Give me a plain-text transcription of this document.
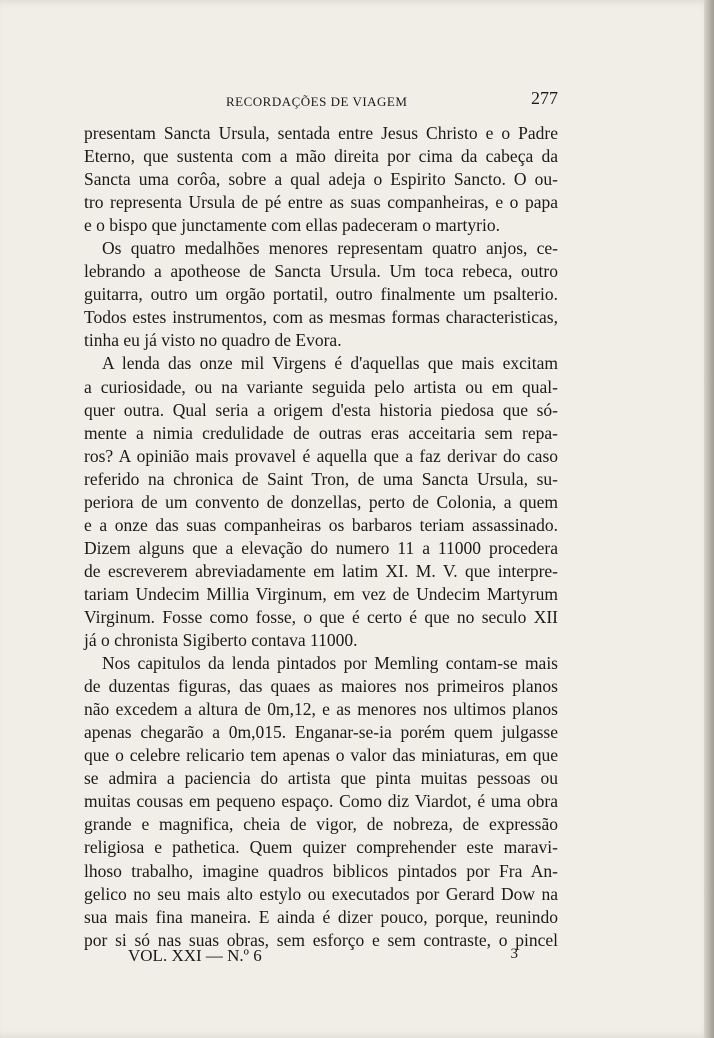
RECORDAÇÕES DE VIAGEM	277
presentam Sancta Ursula, sentada entre Jesus Christo e o Padre
Eterno, que sustenta com a mão direita por cima da cabeça da
Sancta uma corôa, sobre a qual adeja o Espirito Sancto. O ou-
tro representa Ursula de pé entre as suas companheiras, e o papa
e o bispo que junctamente com ellas padeceram o martyrio.
Os quatro medalhões menores representam quatro anjos, ce-
lebrando a apotheose de Sancta Ursula. Um toca rebeca, outro
guitarra, outro um orgão portatil, outro finalmente um psalterio.
Todos estes instrumentos, com as mesmas formas characteristicas,
tinha eu já visto no quadro de Evora.
A lenda das onze mil Virgens é d'aquellas que mais excitam
a curiosidade, ou na variante seguida pelo artista ou em qual-
quer outra. Qual seria a origem d'esta historia piedosa que só-
mente a nimia credulidade de outras eras acceitaria sem repa-
ros? A opinião mais provavel é aquella que a faz derivar do caso
referido na chronica de Saint Tron, de uma Sancta Ursula, su-
periora de um convento de donzellas, perto de Colonia, a quem
e a onze das suas companheiras os barbaros teriam assassinado.
Dizem alguns que a elevação do numero 11 a 11000 procedera
de escreverem abreviadamente em latim XI. M. V. que interpre-
tariam Undecim Millia Virginum, em vez de Undecim Martyrum
Virginum. Fosse como fosse, o que é certo é que no seculo XII
já o chronista Sigiberto contava 11000.
Nos capitulos da lenda pintados por Memling contam-se mais
de duzentas figuras, das quaes as maiores nos primeiros planos
não excedem a altura de 0m,12, e as menores nos ultimos planos
apenas chegarão a 0m,015. Enganar-se-ia porém quem julgasse
que o celebre relicario tem apenas o valor das miniaturas, em que
se admira a paciencia do artista que pinta muitas pessoas ou
muitas cousas em pequeno espaço. Como diz Viardot, é uma obra
grande e magnifica, cheia de vigor, de nobreza, de expressão
religiosa e pathetica. Quem quizer comprehender este maravi-
lhoso trabalho, imagine quadros biblicos pintados por Fra An-
gelico no seu mais alto estylo ou executados por Gerard Dow na
sua mais fina maneira. E ainda é dizer pouco, porque, reunindo
por si só nas suas obras, sem esforço e sem contraste, o pincel
VOL. XXI — N.º 6	3
